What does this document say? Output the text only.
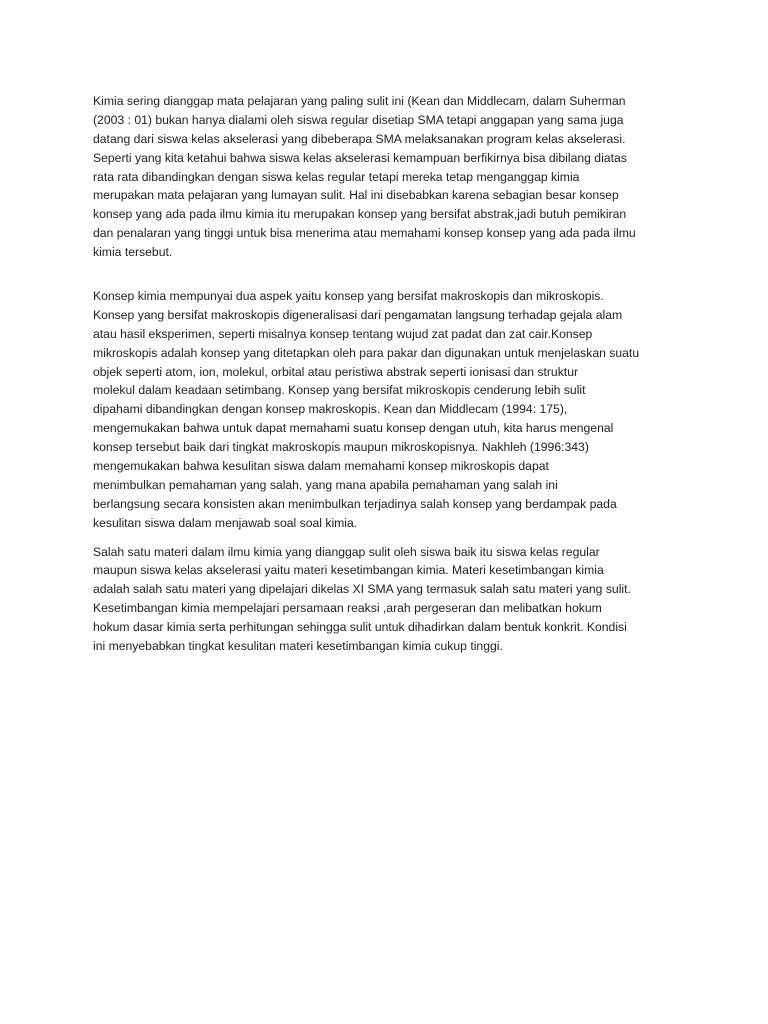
Kimia sering dianggap mata pelajaran yang paling sulit ini (Kean dan Middlecam, dalam Suherman
(2003 : 01) bukan hanya dialami oleh siswa regular disetiap SMA tetapi anggapan yang sama juga
datang dari siswa kelas akselerasi yang dibeberapa SMA melaksanakan program kelas akselerasi.
Seperti yang kita ketahui bahwa siswa kelas akselerasi kemampuan berfikirnya bisa dibilang diatas
rata rata dibandingkan dengan siswa kelas regular tetapi mereka tetap menganggap kimia
merupakan mata pelajaran yang lumayan sulit. Hal ini disebabkan karena sebagian besar konsep
konsep yang ada pada ilmu kimia itu merupakan konsep yang bersifat abstrak,jadi butuh pemikiran
dan penalaran yang tinggi untuk bisa menerima atau memahami konsep konsep yang ada pada ilmu
kimia tersebut.
Konsep kimia mempunyai dua aspek yaitu konsep yang bersifat makroskopis dan mikroskopis.
Konsep yang bersifat makroskopis digeneralisasi dari pengamatan langsung terhadap gejala alam
atau hasil eksperimen, seperti misalnya konsep tentang wujud zat padat dan zat cair.Konsep
mikroskopis adalah konsep yang ditetapkan oleh para pakar dan digunakan untuk menjelaskan suatu
objek seperti atom, ion, molekul, orbital atau peristiwa abstrak seperti ionisasi dan struktur
molekul dalam keadaan setimbang. Konsep yang bersifat mikroskopis cenderung lebih sulit
dipahami dibandingkan dengan konsep makroskopis. Kean dan Middlecam (1994: 175),
mengemukakan bahwa untuk dapat memahami suatu konsep dengan utuh, kita harus mengenal
konsep tersebut baik dari tingkat makroskopis maupun mikroskopisnya. Nakhleh (1996:343)
mengemukakan bahwa kesulitan siswa dalam memahami konsep mikroskopis dapat
menimbulkan pemahaman yang salah, yang mana apabila pemahaman yang salah ini
berlangsung secara konsisten akan menimbulkan terjadinya salah konsep yang berdampak pada
kesulitan siswa dalam menjawab soal soal kimia.
Salah satu materi dalam ilmu kimia yang dianggap sulit oleh siswa baik itu siswa kelas regular
maupun siswa kelas akselerasi yaitu materi kesetimbangan kimia. Materi kesetimbangan kimia
adalah salah satu materi yang dipelajari dikelas XI SMA yang termasuk salah satu materi yang sulit.
Kesetimbangan kimia mempelajari persamaan reaksi ,arah pergeseran dan melibatkan hokum
hokum dasar kimia serta perhitungan sehingga sulit untuk dihadirkan dalam bentuk konkrit. Kondisi
ini menyebabkan tingkat kesulitan materi kesetimbangan kimia cukup tinggi.
